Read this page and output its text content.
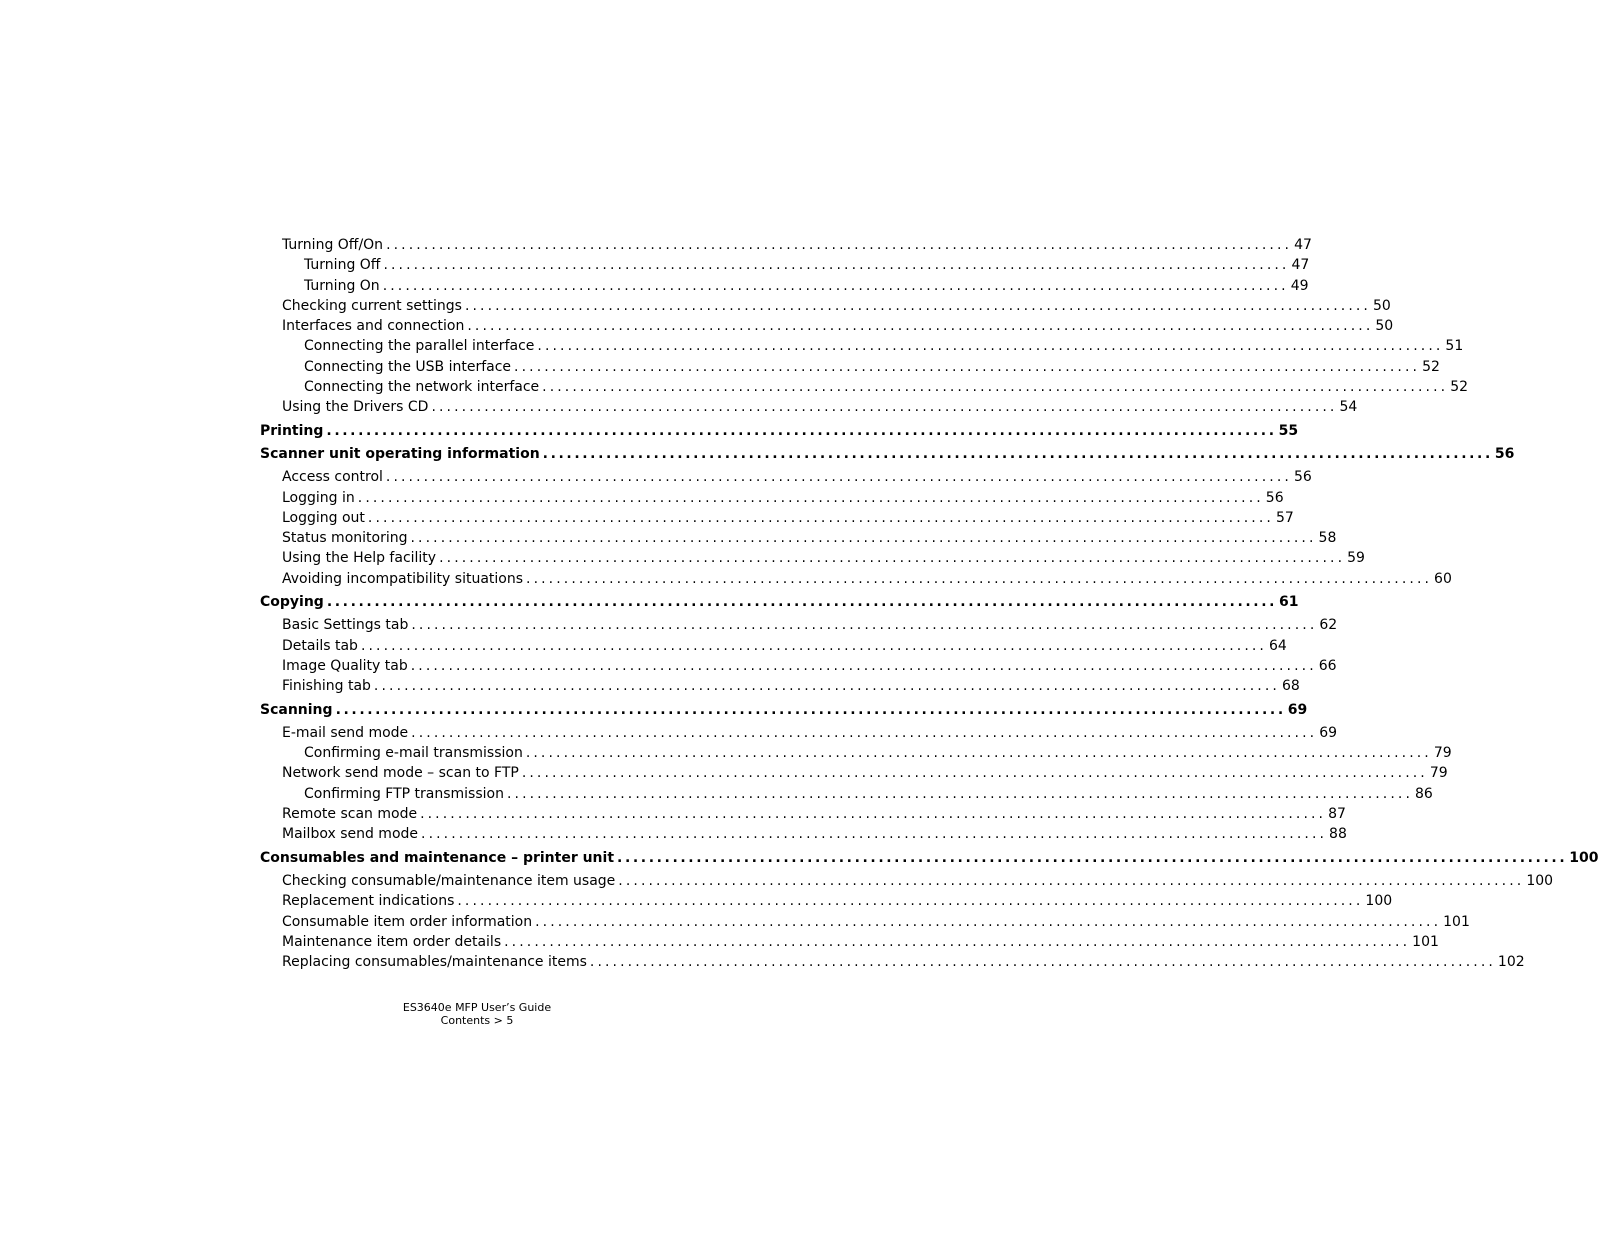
Turning Off/On ........................................................................................................................ 47
Turning Off ........................................................................................................................ 47
Turning On ........................................................................................................................ 49
Checking current settings ........................................................................................................................ 50
Interfaces and connection ........................................................................................................................ 50
Connecting the parallel interface ........................................................................................................................ 51
Connecting the USB interface ........................................................................................................................ 52
Connecting the network interface ........................................................................................................................ 52
Using the Drivers CD ........................................................................................................................ 54
Printing ........................................................................................................................ 55
Scanner unit operating information ........................................................................................................................ 56
Access control ........................................................................................................................ 56
Logging in ........................................................................................................................ 56
Logging out ........................................................................................................................ 57
Status monitoring ........................................................................................................................ 58
Using the Help facility ........................................................................................................................ 59
Avoiding incompatibility situations ........................................................................................................................ 60
Copying ........................................................................................................................ 61
Basic Settings tab ........................................................................................................................ 62
Details tab ........................................................................................................................ 64
Image Quality tab ........................................................................................................................ 66
Finishing tab ........................................................................................................................ 68
Scanning ........................................................................................................................ 69
E-mail send mode ........................................................................................................................ 69
Confirming e-mail transmission ........................................................................................................................ 79
Network send mode – scan to FTP ........................................................................................................................ 79
Confirming FTP transmission ........................................................................................................................ 86
Remote scan mode ........................................................................................................................ 87
Mailbox send mode ........................................................................................................................ 88
Consumables and maintenance – printer unit ........................................................................................................................ 100
Checking consumable/maintenance item usage ........................................................................................................................ 100
Replacement indications ........................................................................................................................ 100
Consumable item order information ........................................................................................................................ 101
Maintenance item order details ........................................................................................................................ 101
Replacing consumables/maintenance items ........................................................................................................................ 102
ES3640e MFP User’s Guide
Contents > 5
